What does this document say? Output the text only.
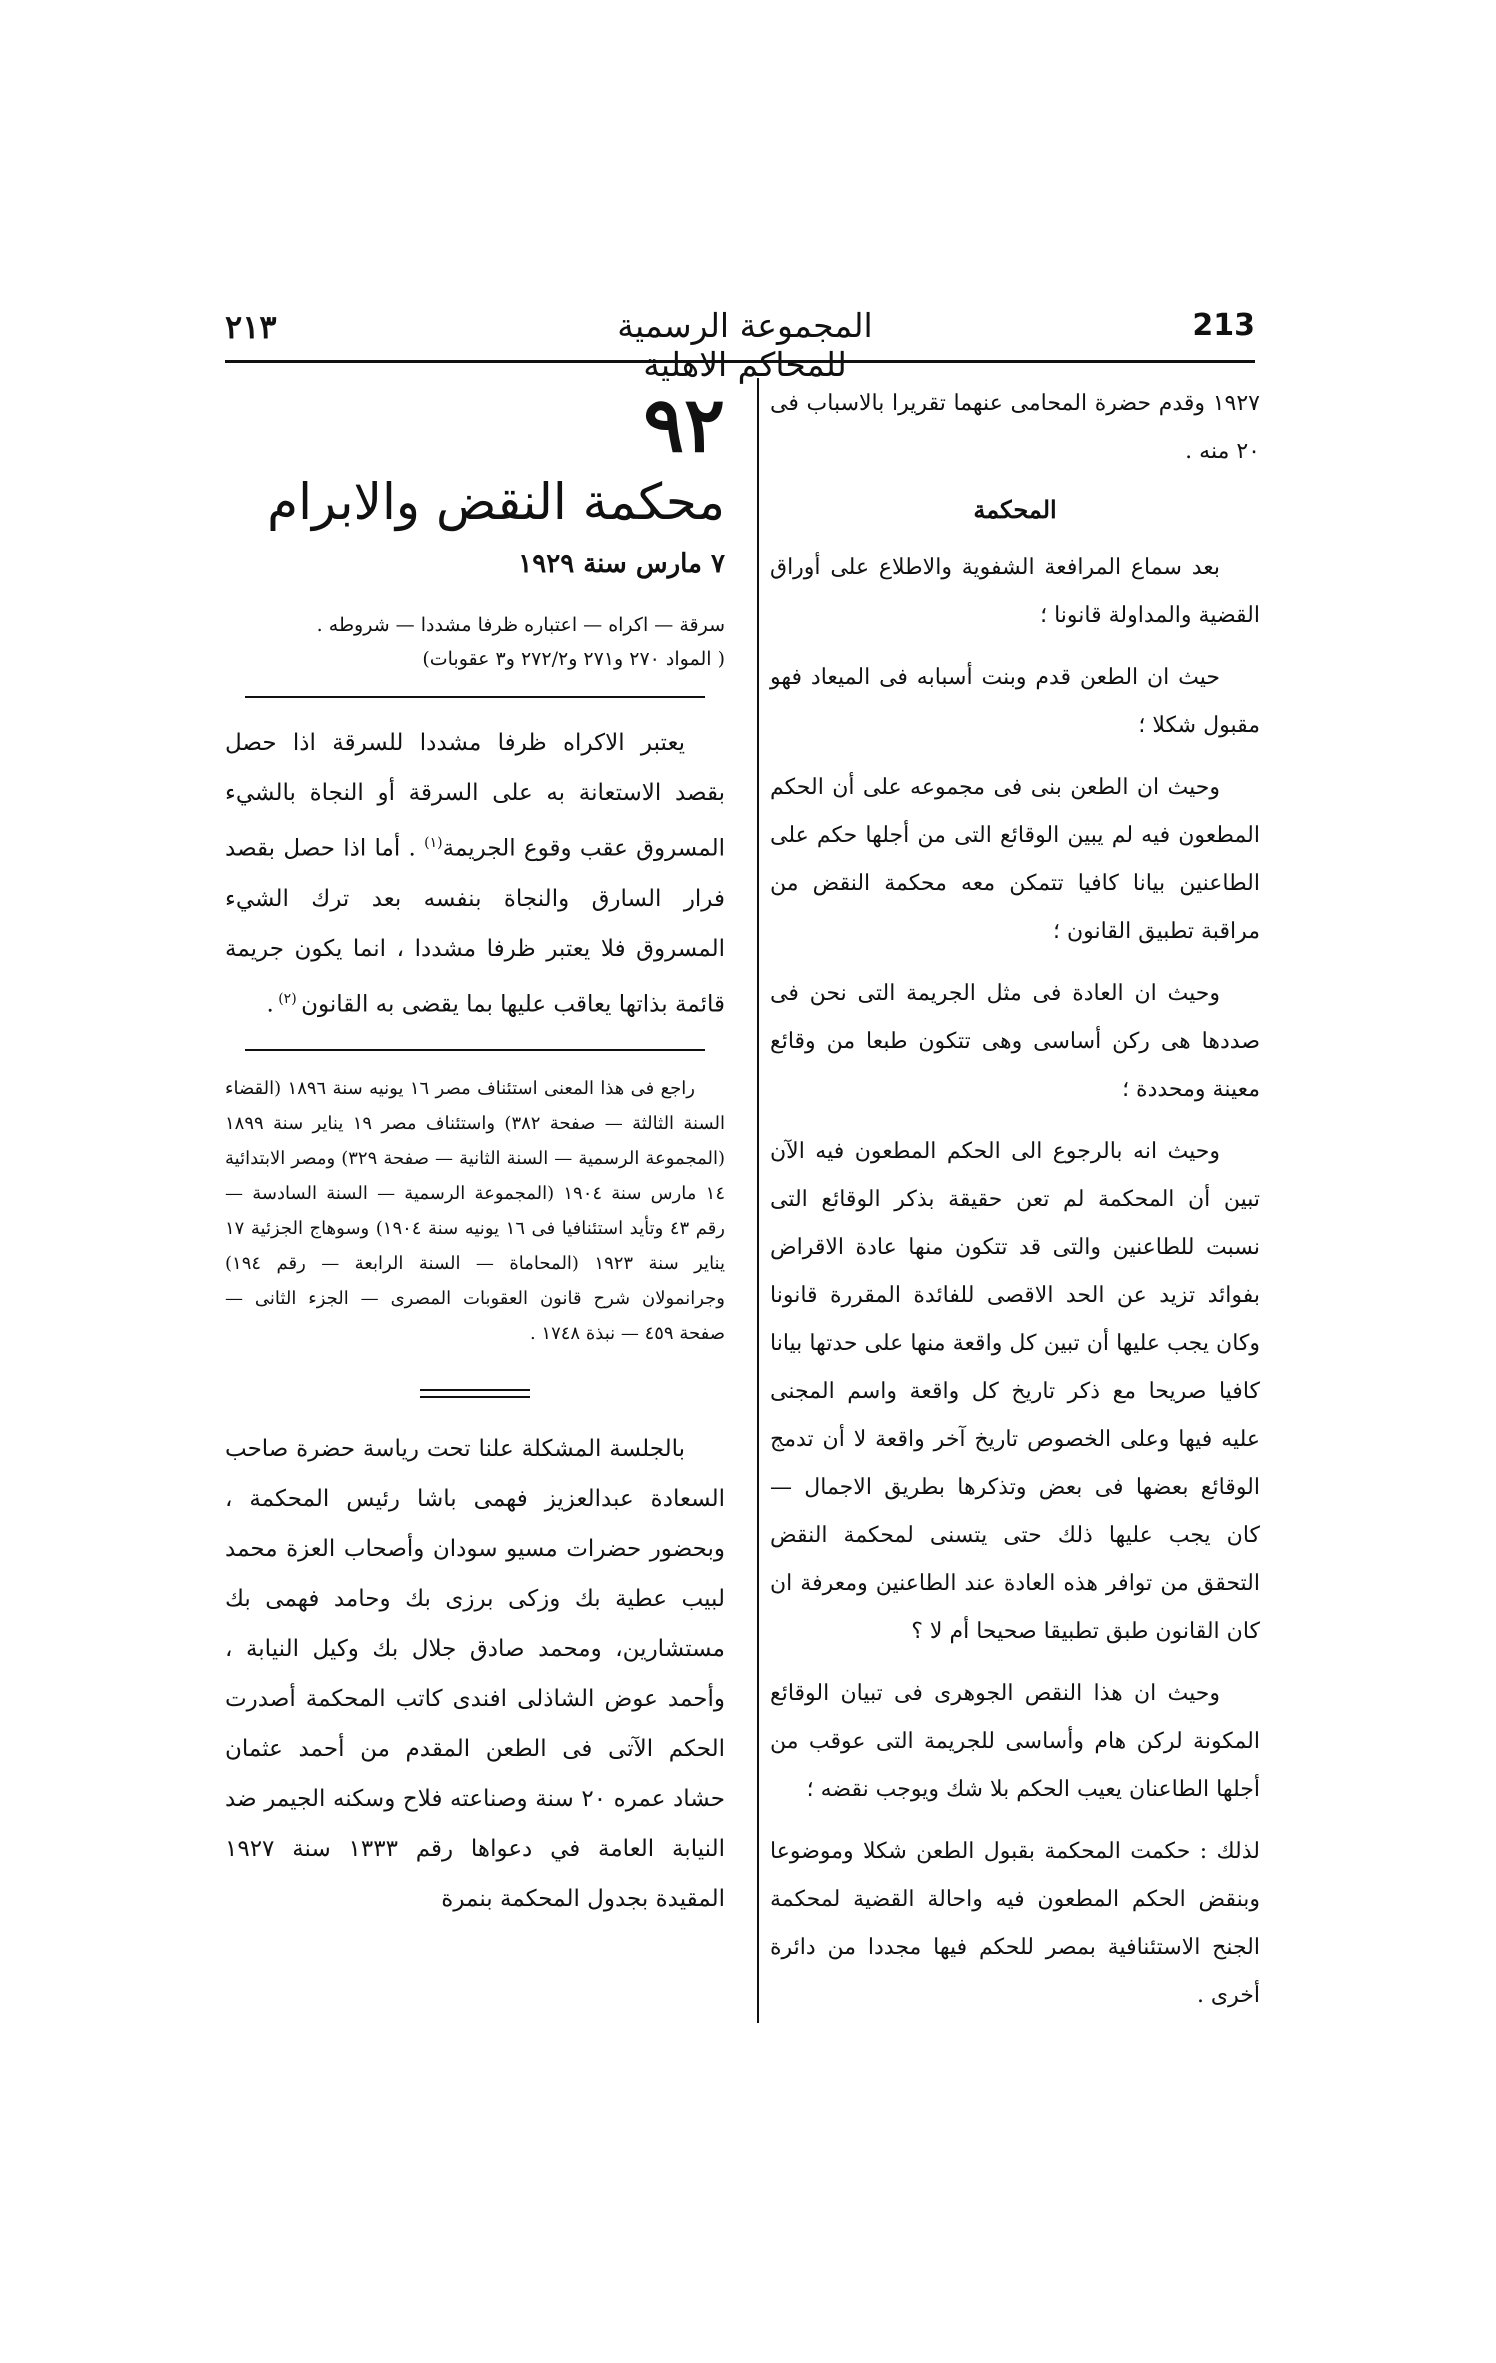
٢١٣	المجموعة الرسمية للمحاكم الاهلية
213

١٩٢٧ وقدم حضرة المحامى عنهما تقريرا بالاسباب فى ٢٠ منه .

المحكمة

بعد سماع المرافعة الشفوية والاطلاع على أوراق القضية والمداولة قانونا ؛

حيث ان الطعن قدم وبنت أسبابه فى الميعاد فهو مقبول شكلا ؛

وحيث ان الطعن بنى فى مجموعه على أن الحكم المطعون فيه لم يبين الوقائع التى من أجلها حكم على الطاعنين بيانا كافيا تتمكن معه محكمة النقض من مراقبة تطبيق القانون ؛

وحيث ان العادة فى مثل الجريمة التى نحن فى صددها هى ركن أساسى وهى تتكون طبعا من وقائع معينة ومحددة ؛

وحيث انه بالرجوع الى الحكم المطعون فيه الآن تبين أن المحكمة لم تعن حقيقة بذكر الوقائع التى نسبت للطاعنين والتى قد تتكون منها عادة الاقراض بفوائد تزيد عن الحد الاقصى للفائدة المقررة قانونا وكان يجب عليها أن تبين كل واقعة منها على حدتها بيانا كافيا صريحا مع ذكر تاريخ كل واقعة واسم المجنى عليه فيها وعلى الخصوص تاريخ آخر واقعة لا أن تدمج الوقائع بعضها فى بعض وتذكرها بطريق الاجمال — كان يجب عليها ذلك حتى يتسنى لمحكمة النقض التحقق من توافر هذه العادة عند الطاعنين ومعرفة ان كان القانون طبق تطبيقا صحيحا أم لا ؟

وحيث ان هذا النقص الجوهرى فى تبيان الوقائع المكونة لركن هام وأساسى للجريمة التى عوقب من أجلها الطاعنان يعيب الحكم بلا شك ويوجب نقضه ؛

لذلك : حكمت المحكمة بقبول الطعن شكلا وموضوعا وبنقض الحكم المطعون فيه واحالة القضية لمحكمة الجنح الاستئنافية بمصر للحكم فيها مجددا من دائرة أخرى .

٩٢
محكمة النقض والابرام
٧ مارس سنة ١٩٢٩
سرقة — اكراه — اعتباره ظرفا مشددا — شروطه .
( المواد ٢٧٠ و٢٧١ و٢٧٢/٢ و٣ عقوبات)
يعتبر الاكراه ظرفا مشددا للسرقة اذا حصل بقصد الاستعانة به على السرقة أو النجاة بالشيء المسروق عقب وقوع الجريمة$^{(١)}$ . أما اذا حصل بقصد فرار السارق والنجاة بنفسه بعد ترك الشيء المسروق فلا يعتبر ظرفا مشددا ، انما يكون جريمة قائمة بذاتها يعاقب عليها بما يقضى به القانون $^{(٢)}$ .
راجع فى هذا المعنى استئناف مصر ١٦ يونيه سنة ١٨٩٦ (القضاء السنة الثالثة — صفحة ٣٨٢) واستئناف مصر ١٩ يناير سنة ١٨٩٩ (المجموعة الرسمية — السنة الثانية — صفحة ٣٢٩) ومصر الابتدائية ١٤ مارس سنة ١٩٠٤ (المجموعة الرسمية — السنة السادسة — رقم ٤٣ وتأيد استئنافيا فى ١٦ يونيه سنة ١٩٠٤) وسوهاج الجزئية ١٧ يناير سنة ١٩٢٣ (المحاماة — السنة الرابعة — رقم ١٩٤) وجرانمولان شرح قانون العقوبات المصرى — الجزء الثانى — صفحة ٤٥٩ — نبذة ١٧٤٨ .
بالجلسة المشكلة علنا تحت رياسة حضرة صاحب السعادة عبدالعزيز فهمى باشا رئيس المحكمة ، وبحضور حضرات مسيو سودان وأصحاب العزة محمد لبيب عطية بك وزكى برزى بك وحامد فهمى بك مستشارين، ومحمد صادق جلال بك وكيل النيابة ، وأحمد عوض الشاذلى افندى كاتب المحكمة أصدرت الحكم الآتى فى الطعن المقدم من أحمد عثمان حشاد عمره ٢٠ سنة وصناعته فلاح وسكنه الجيمر ضد النيابة العامة في دعواها رقم ١٣٣٣ سنة ١٩٢٧ المقيدة بجدول المحكمة بنمرة
